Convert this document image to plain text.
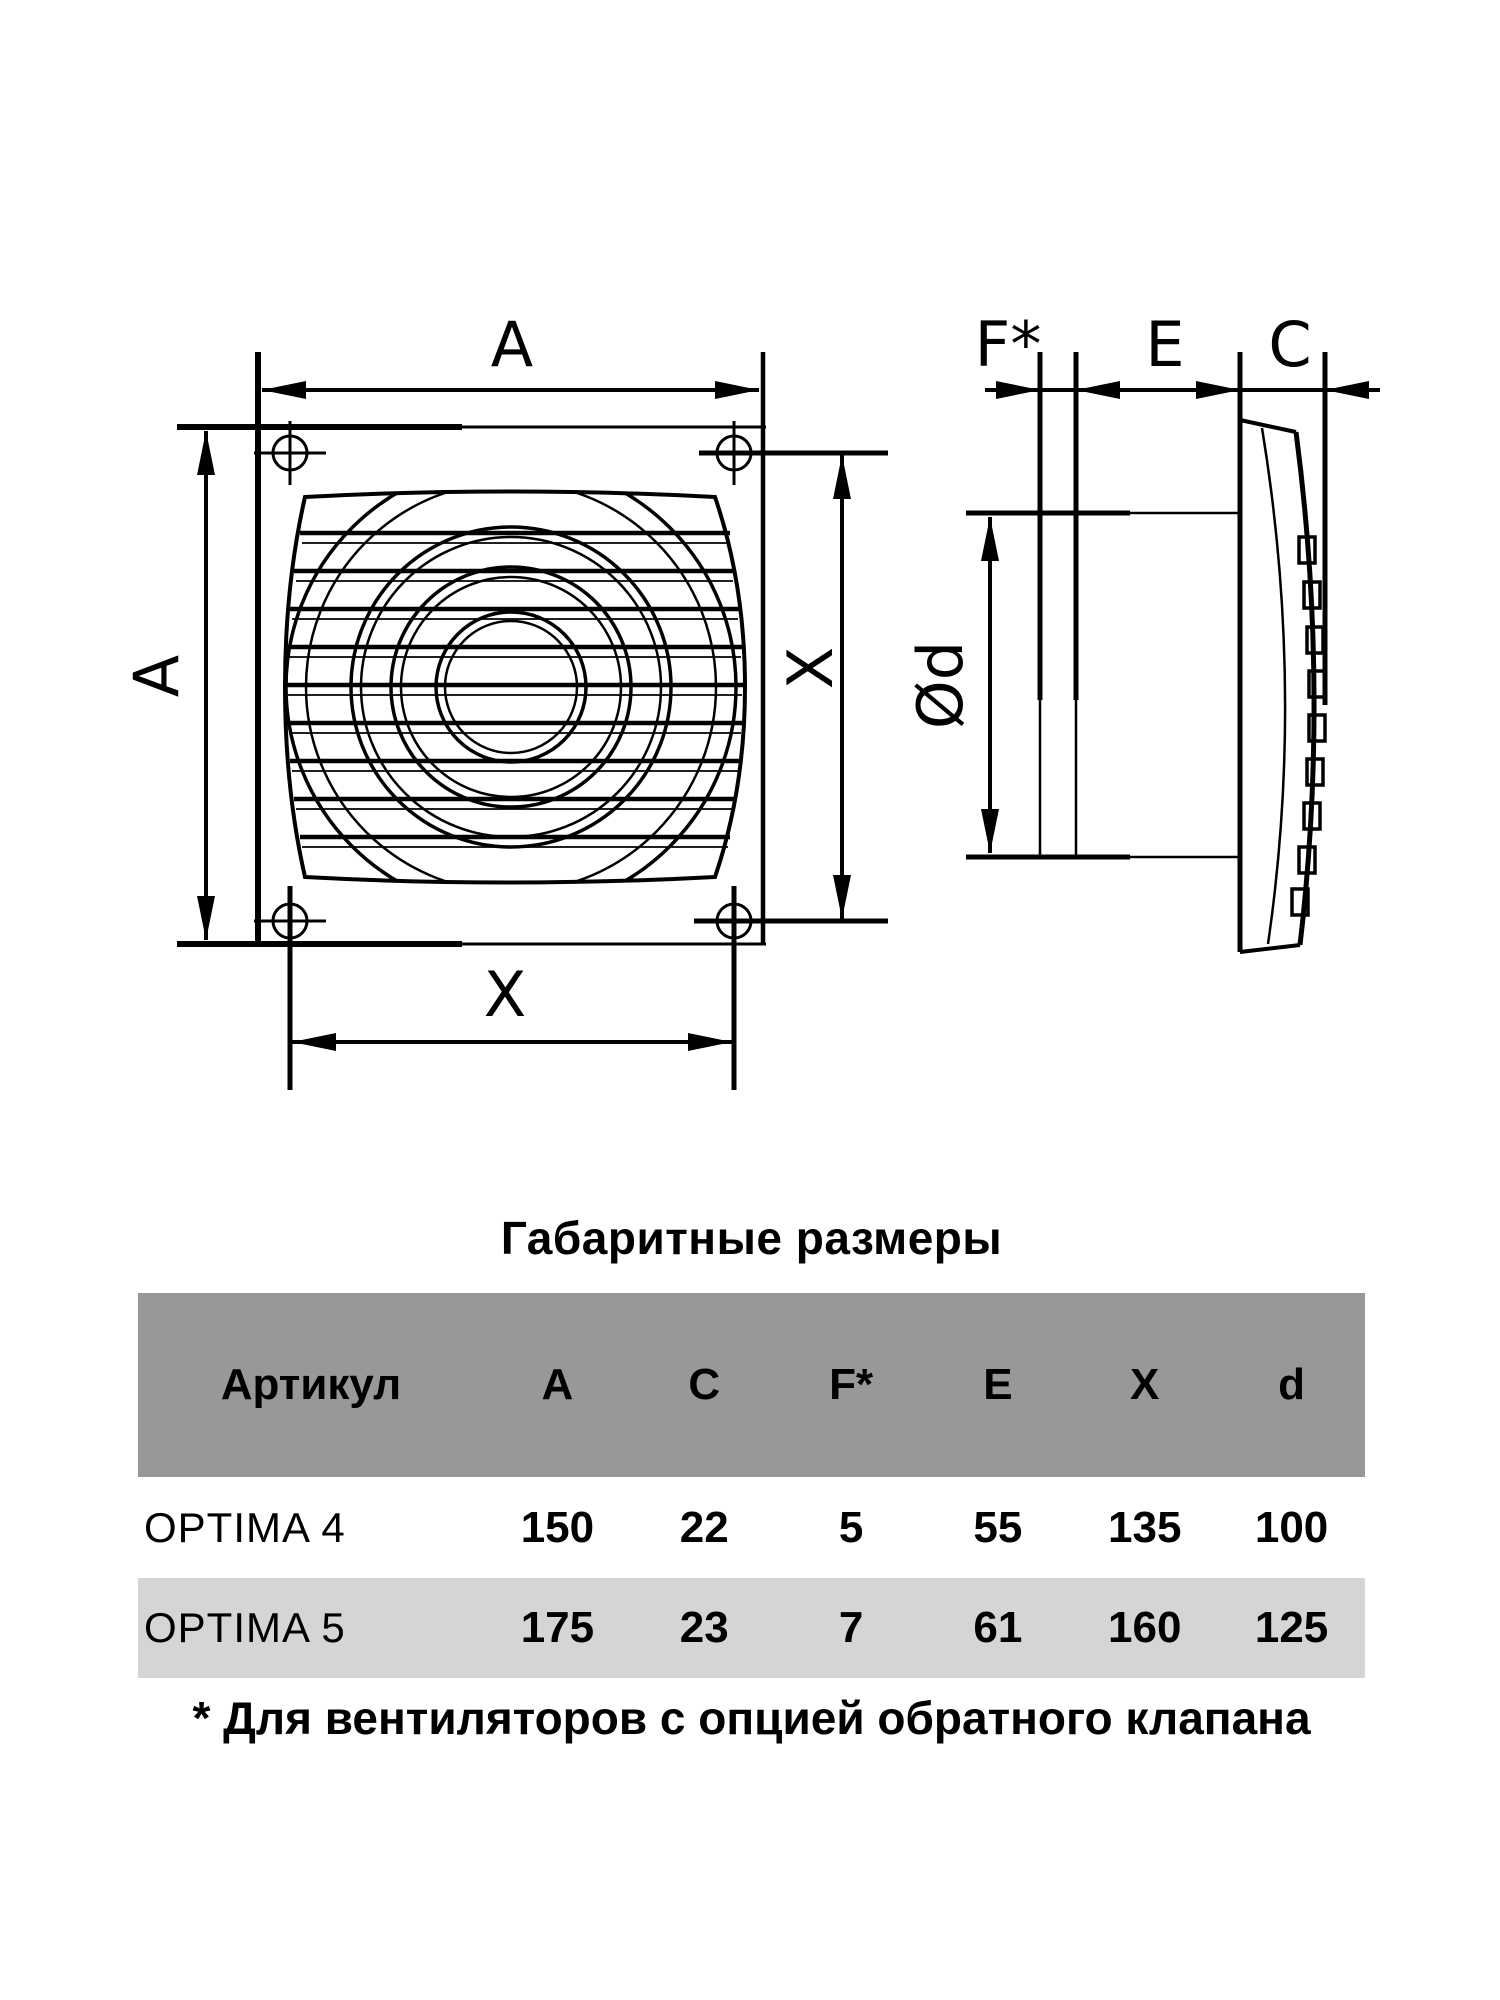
A
A	X
X
F* E C
Ød
Габаритные размеры
Артикул	A	C	F*	E	X	d
OPTIMA 4	150	22	5	55	135	100
OPTIMA 5	175	23	7	61	160	125
* Для вентиляторов с опцией обратного клапана
